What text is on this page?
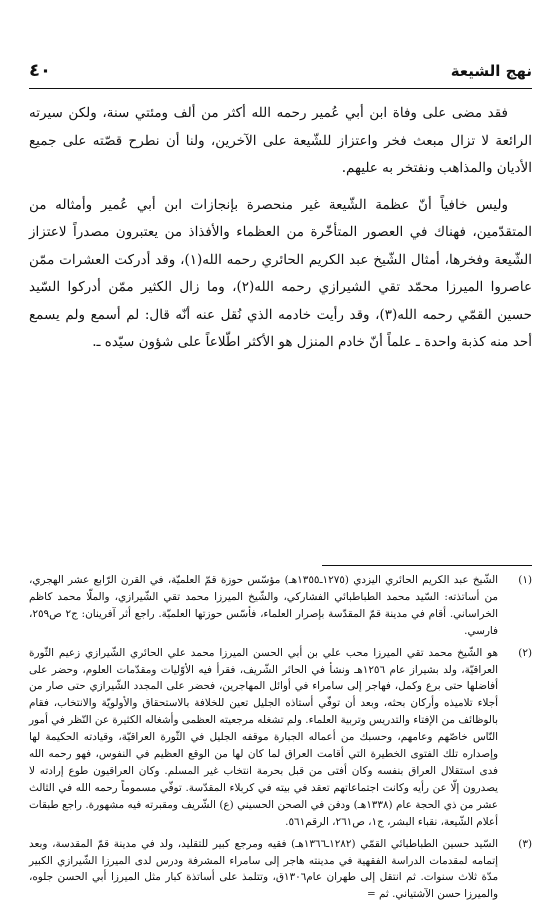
نهج الشيعة
٤٠

فقد مضى على وفاة ابن أبي عُمير رحمه الله أكثر من ألف ومئتي سنة، ولكن سيرته الرائعة لا تزال مبعث فخر واعتزاز للشّيعة على الآخرين، ولنا أن نطرح قصّته على جميع الأديان والمذاهب ونفتخر به عليهم.

وليس خافياً أنّ عظمة الشّيعة غير منحصرة بإنجازات ابن أبي عُمير وأمثاله من المتقدّمين، فهناك في العصور المتأخّرة من العظماء والأفذاذ من يعتبرون مصدراً لاعتزاز الشّيعة وفخرها، أمثال الشّيخ عبد الكريم الحائري رحمه الله(١)، وقد أدركت العشرات ممّن عاصروا الميرزا محمّد تقي الشيرازي رحمه الله(٢)، وما زال الكثير ممّن أدركوا السّيد حسين القمّي رحمه الله(٣)، وقد رأيت خادمه الذي نُقل عنه أنّه قال: لم أسمع ولم يسمع أحد منه كذبة واحدة ـ علماً أنّ خادم المنزل هو الأكثر اطّلاعاً على شؤون سيّده ـ.

(١)
الشّيخ عبد الكريم الحائري اليزدي (١٢٧٥ـ١٣٥٥هـ) مؤسّس حوزة قمّ العلميّة، في القرن الرّابع عشر الهجري، من أساتذته: السّيد محمد الطباطبائي الفشاركي، والشّيخ الميرزا محمد تقي الشّيرازي، والملّا محمد كاظم الخراساني. أقام في مدينة قمّ المقدّسة بإصرار العلماء، فأسّس حوزتها العلميّة. راجع أثر آفرينان: ج٢ ص٢٥٩، فارسي.
(٢)
هو الشّيخ محمد تقي الميرزا محب علي بن أبي الحسن الميرزا محمد علي الحائري الشّيرازي زعيم الثّورة العراقيّة، ولد بشيراز عام ١٢٥٦هـ ونشأ في الحائر الشّريف، فقرأ فيه الأوّليات ومقدّمات العلوم، وحضر على أفاضلها حتى برع وكمل، فهاجر إلى سامراء في أوائل المهاجرين، فحضر على المجدد الشّيرازي حتى صار من أجلاء تلاميذه وأركان بحثه، وبعد أن توفّي أستاذه الجليل تعين للخلافة بالاستحقاق والأولويّة والانتخاب، فقام بالوظائف من الإفتاء والتدريس وتربية العلماء. ولم تشغله مرجعيته العظمى وأشغاله الكثيرة عن النّظر في أمور النّاس خاصّهم وعامهم، وحسبك من أعماله الجبارة موقفه الجليل في الثّورة العراقيّة، وقيادته الحكيمة لها وإصداره تلك الفتوى الخطيرة التي أقامت العراق لما كان لها من الوقع العظيم في النفوس، فهو رحمه الله فدى استقلال العراق بنفسه وكان أفتى من قبل بحرمة انتخاب غير المسلم. وكان العراقيون طوع إرادته لا يصدرون إلّا عن رأيه وكانت اجتماعاتهم تعقد في بيته في كربلاء المقدّسة. توفّي مسموماً رحمه الله في الثالث عشر من ذي الحجة عام (١٣٣٨هـ) ودفن في الصحن الحسيني (ع) الشّريف ومقبرته فيه مشهورة. راجع طبقات أعلام الشّيعة، نقباء البشر، ج١، ص٢٦١، الرقم٥٦١.
(٣)
السّيد حسين الطباطبائي القمّي (١٢٨٢ـ١٣٦٦هـ) فقيه ومرجع كبير للتقليد، ولد في مدينة قمّ المقدسة، وبعد إتمامه لمقدمات الدراسة الفقهية في مدينته هاجر إلى سامراء المشرفة ودرس لدى الميرزا الشّيرازي الكبير مدّة ثلاث سنوات. ثم انتقل إلى طهران عام١٣٠٦ق، وتتلمذ على أساتذة كبار مثل الميرزا أبي الحسن جلوه، والميرزا حسن الآشتياني. ثم =
